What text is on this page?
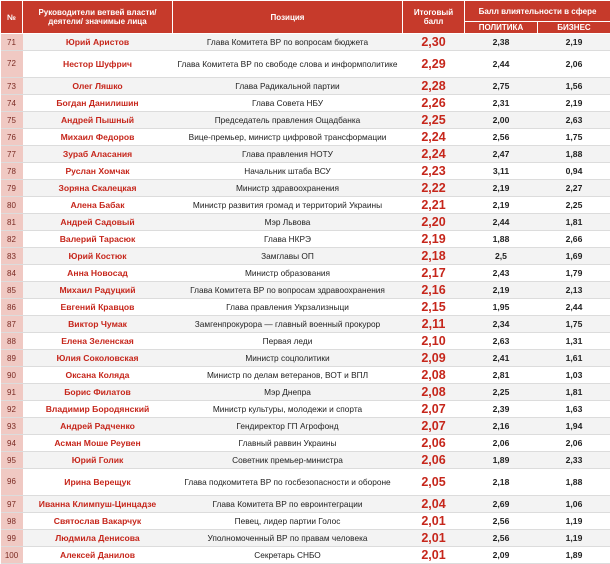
№	Руководители ветвей власти/деятели/ значимые лица	Позиция	Итоговый балл	Балл влиятельности в сфере	
				ПОЛИТИКА	БИЗНЕС
71	Юрий Аристов	Глава Комитета ВР по вопросам бюджета	2,30	2,38	2,19
72	Нестор Шуфрич	Глава Комитета ВР по свободе слова и информполитике	2,29	2,44	2,06
73	Олег Ляшко	Глава Радикальной партии	2,28	2,75	1,56
74	Богдан Данилишин	Глава Совета НБУ	2,26	2,31	2,19
75	Андрей Пышный	Председатель правления Ощадбанка	2,25	2,00	2,63
76	Михаил Федоров	Вице-премьер, министр цифровой трансформации	2,24	2,56	1,75
77	Зураб Аласания	Глава правления НОТУ	2,24	2,47	1,88
78	Руслан Хомчак	Начальник штаба ВСУ	2,23	3,11	0,94
79	Зоряна Скалецкая	Министр здравоохранения	2,22	2,19	2,27
80	Алена Бабак	Министр развития громад и территорий Украины	2,21	2,19	2,25
81	Андрей Садовый	Мэр Львова	2,20	2,44	1,81
82	Валерий Тарасюк	Глава НКРЭ	2,19	1,88	2,66
83	Юрий Костюк	Замглавы ОП	2,18	2,5	1,69
84	Анна Новосад	Министр образования	2,17	2,43	1,79
85	Михаил Радуцкий	Глава Комитета ВР по вопросам здравоохранения	2,16	2,19	2,13
86	Евгений Кравцов	Глава правления Укрзализныци	2,15	1,95	2,44
87	Виктор Чумак	Замгенпрокурора — главный военный прокурор	2,11	2,34	1,75
88	Елена Зеленская	Первая леди	2,10	2,63	1,31
89	Юлия Соколовская	Министр соцполитики	2,09	2,41	1,61
90	Оксана Коляда	Министр по делам ветеранов, ВОТ и ВПЛ	2,08	2,81	1,03
91	Борис Филатов	Мэр Днепра	2,08	2,25	1,81
92	Владимир Бородянский	Министр культуры, молодежи и спорта	2,07	2,39	1,63
93	Андрей Радченко	Гендиректор ГП Агрофонд	2,07	2,16	1,94
94	Асман Моше Реувен	Главный раввин Украины	2,06	2,06	2,06
95	Юрий Голик	Советник премьер-министра	2,06	1,89	2,33
96	Ирина Верещук	Глава подкомитета ВР по госбезопасности и обороне	2,05	2,18	1,88
97	Иванна Климпуш-Цинцадзе	Глава Комитета ВР по евроинтеграции	2,04	2,69	1,06
98	Святослав Вакарчук	Певец, лидер партии Голос	2,01	2,56	1,19
99	Людмила Денисова	Уполномоченный ВР по правам человека	2,01	2,56	1,19
100	Алексей Данилов	Секретарь СНБО	2,01	2,09	1,89
